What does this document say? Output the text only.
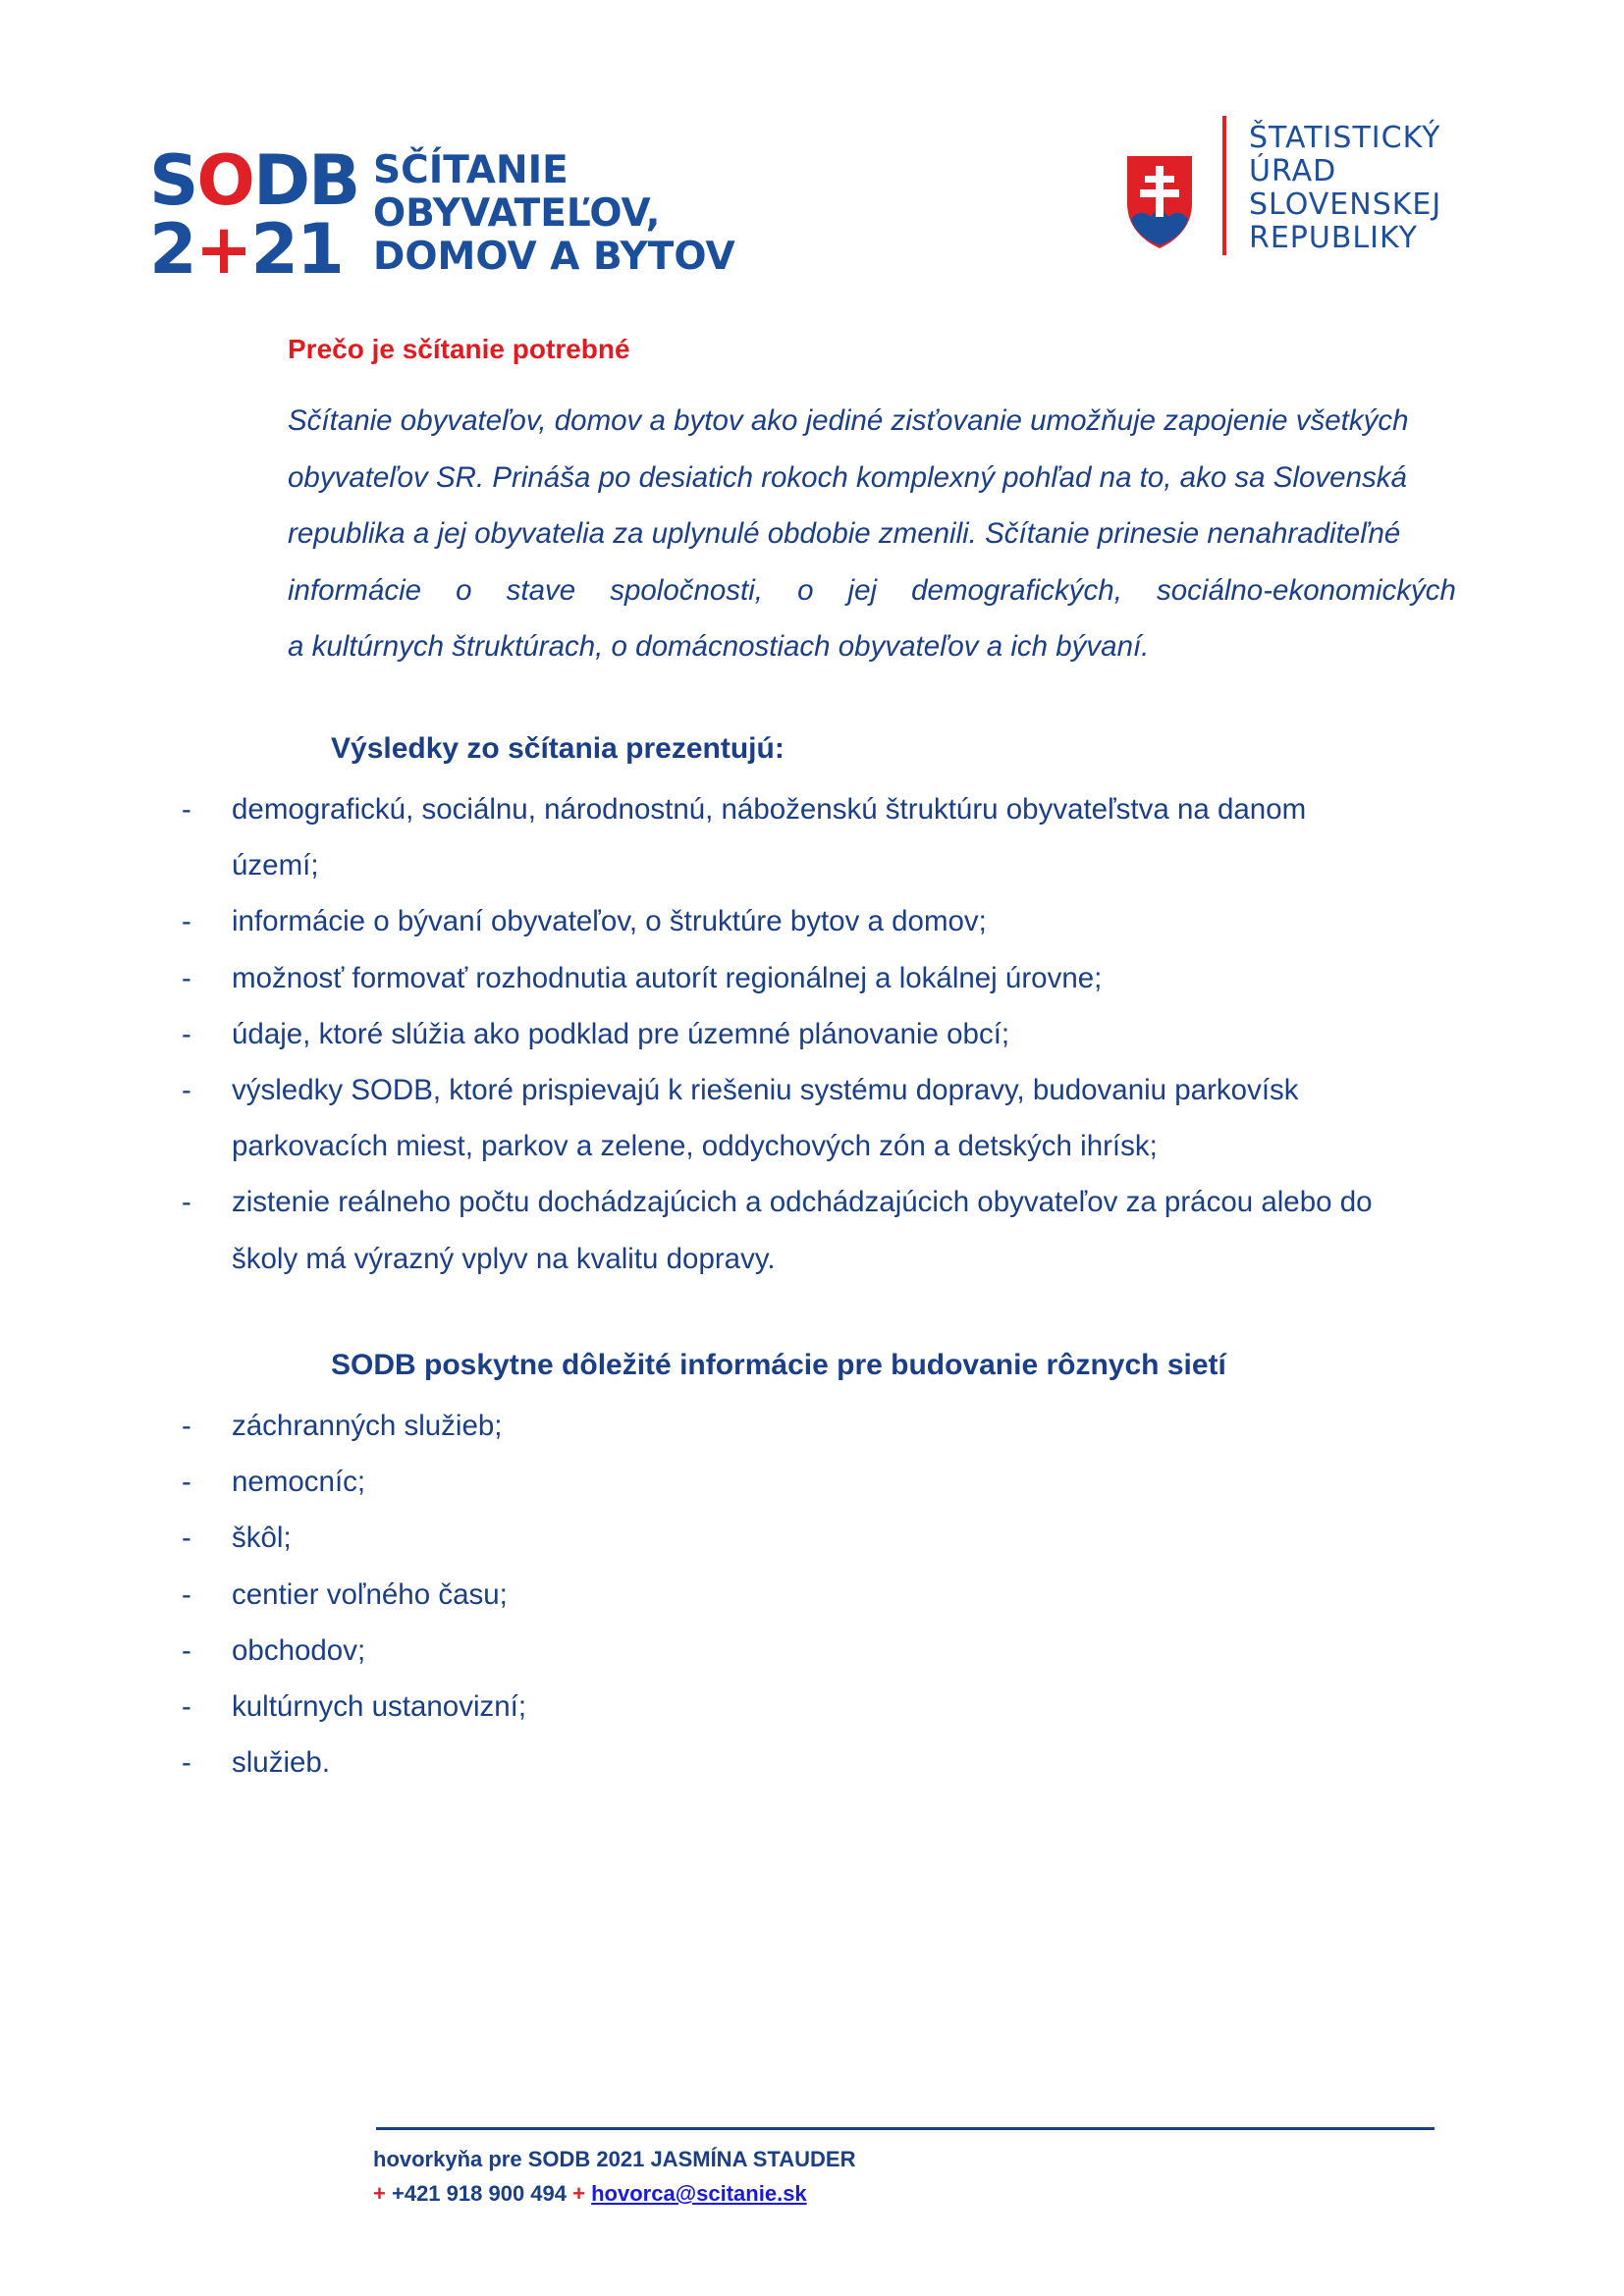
SODB
2+21
SČÍTANIE
OBYVATEĽOV,
DOMOV A BYTOV
ŠTATISTICKÝ
ÚRAD
SLOVENSKEJ
REPUBLIKY
Prečo je sčítanie potrebné
Sčítanie obyvateľov, domov a bytov ako jediné zisťovanie umožňuje zapojenie všetkých
obyvateľov SR. Prináša po desiatich rokoch komplexný pohľad na to, ako sa Slovenská
republika a jej obyvatelia za uplynulé obdobie zmenili. Sčítanie prinesie nenahraditeľné
informácie o stave spoločnosti, o jej demografických, sociálno-ekonomických
a kultúrnych štruktúrach, o domácnostiach obyvateľov a ich bývaní.
Výsledky zo sčítania prezentujú:
- demografickú, sociálnu, národnostnú, náboženskú štruktúru obyvateľstva na danom
území;
- informácie o bývaní obyvateľov, o štruktúre bytov a domov;
- možnosť formovať rozhodnutia autorít regionálnej a lokálnej úrovne;
- údaje, ktoré slúžia ako podklad pre územné plánovanie obcí;
- výsledky SODB, ktoré prispievajú k riešeniu systému dopravy, budovaniu parkovísk
parkovacích miest, parkov a zelene, oddychových zón a detských ihrísk;
- zistenie reálneho počtu dochádzajúcich a odchádzajúcich obyvateľov za prácou alebo do
školy má výrazný vplyv na kvalitu dopravy.
SODB poskytne dôležité informácie pre budovanie rôznych sietí
- záchranných služieb;
- nemocníc;
- škôl;
- centier voľného času;
- obchodov;
- kultúrnych ustanovizní;
- služieb.
hovorkyňa pre SODB 2021 JASMÍNA STAUDER
+ +421 918 900 494 + hovorca@scitanie.sk
